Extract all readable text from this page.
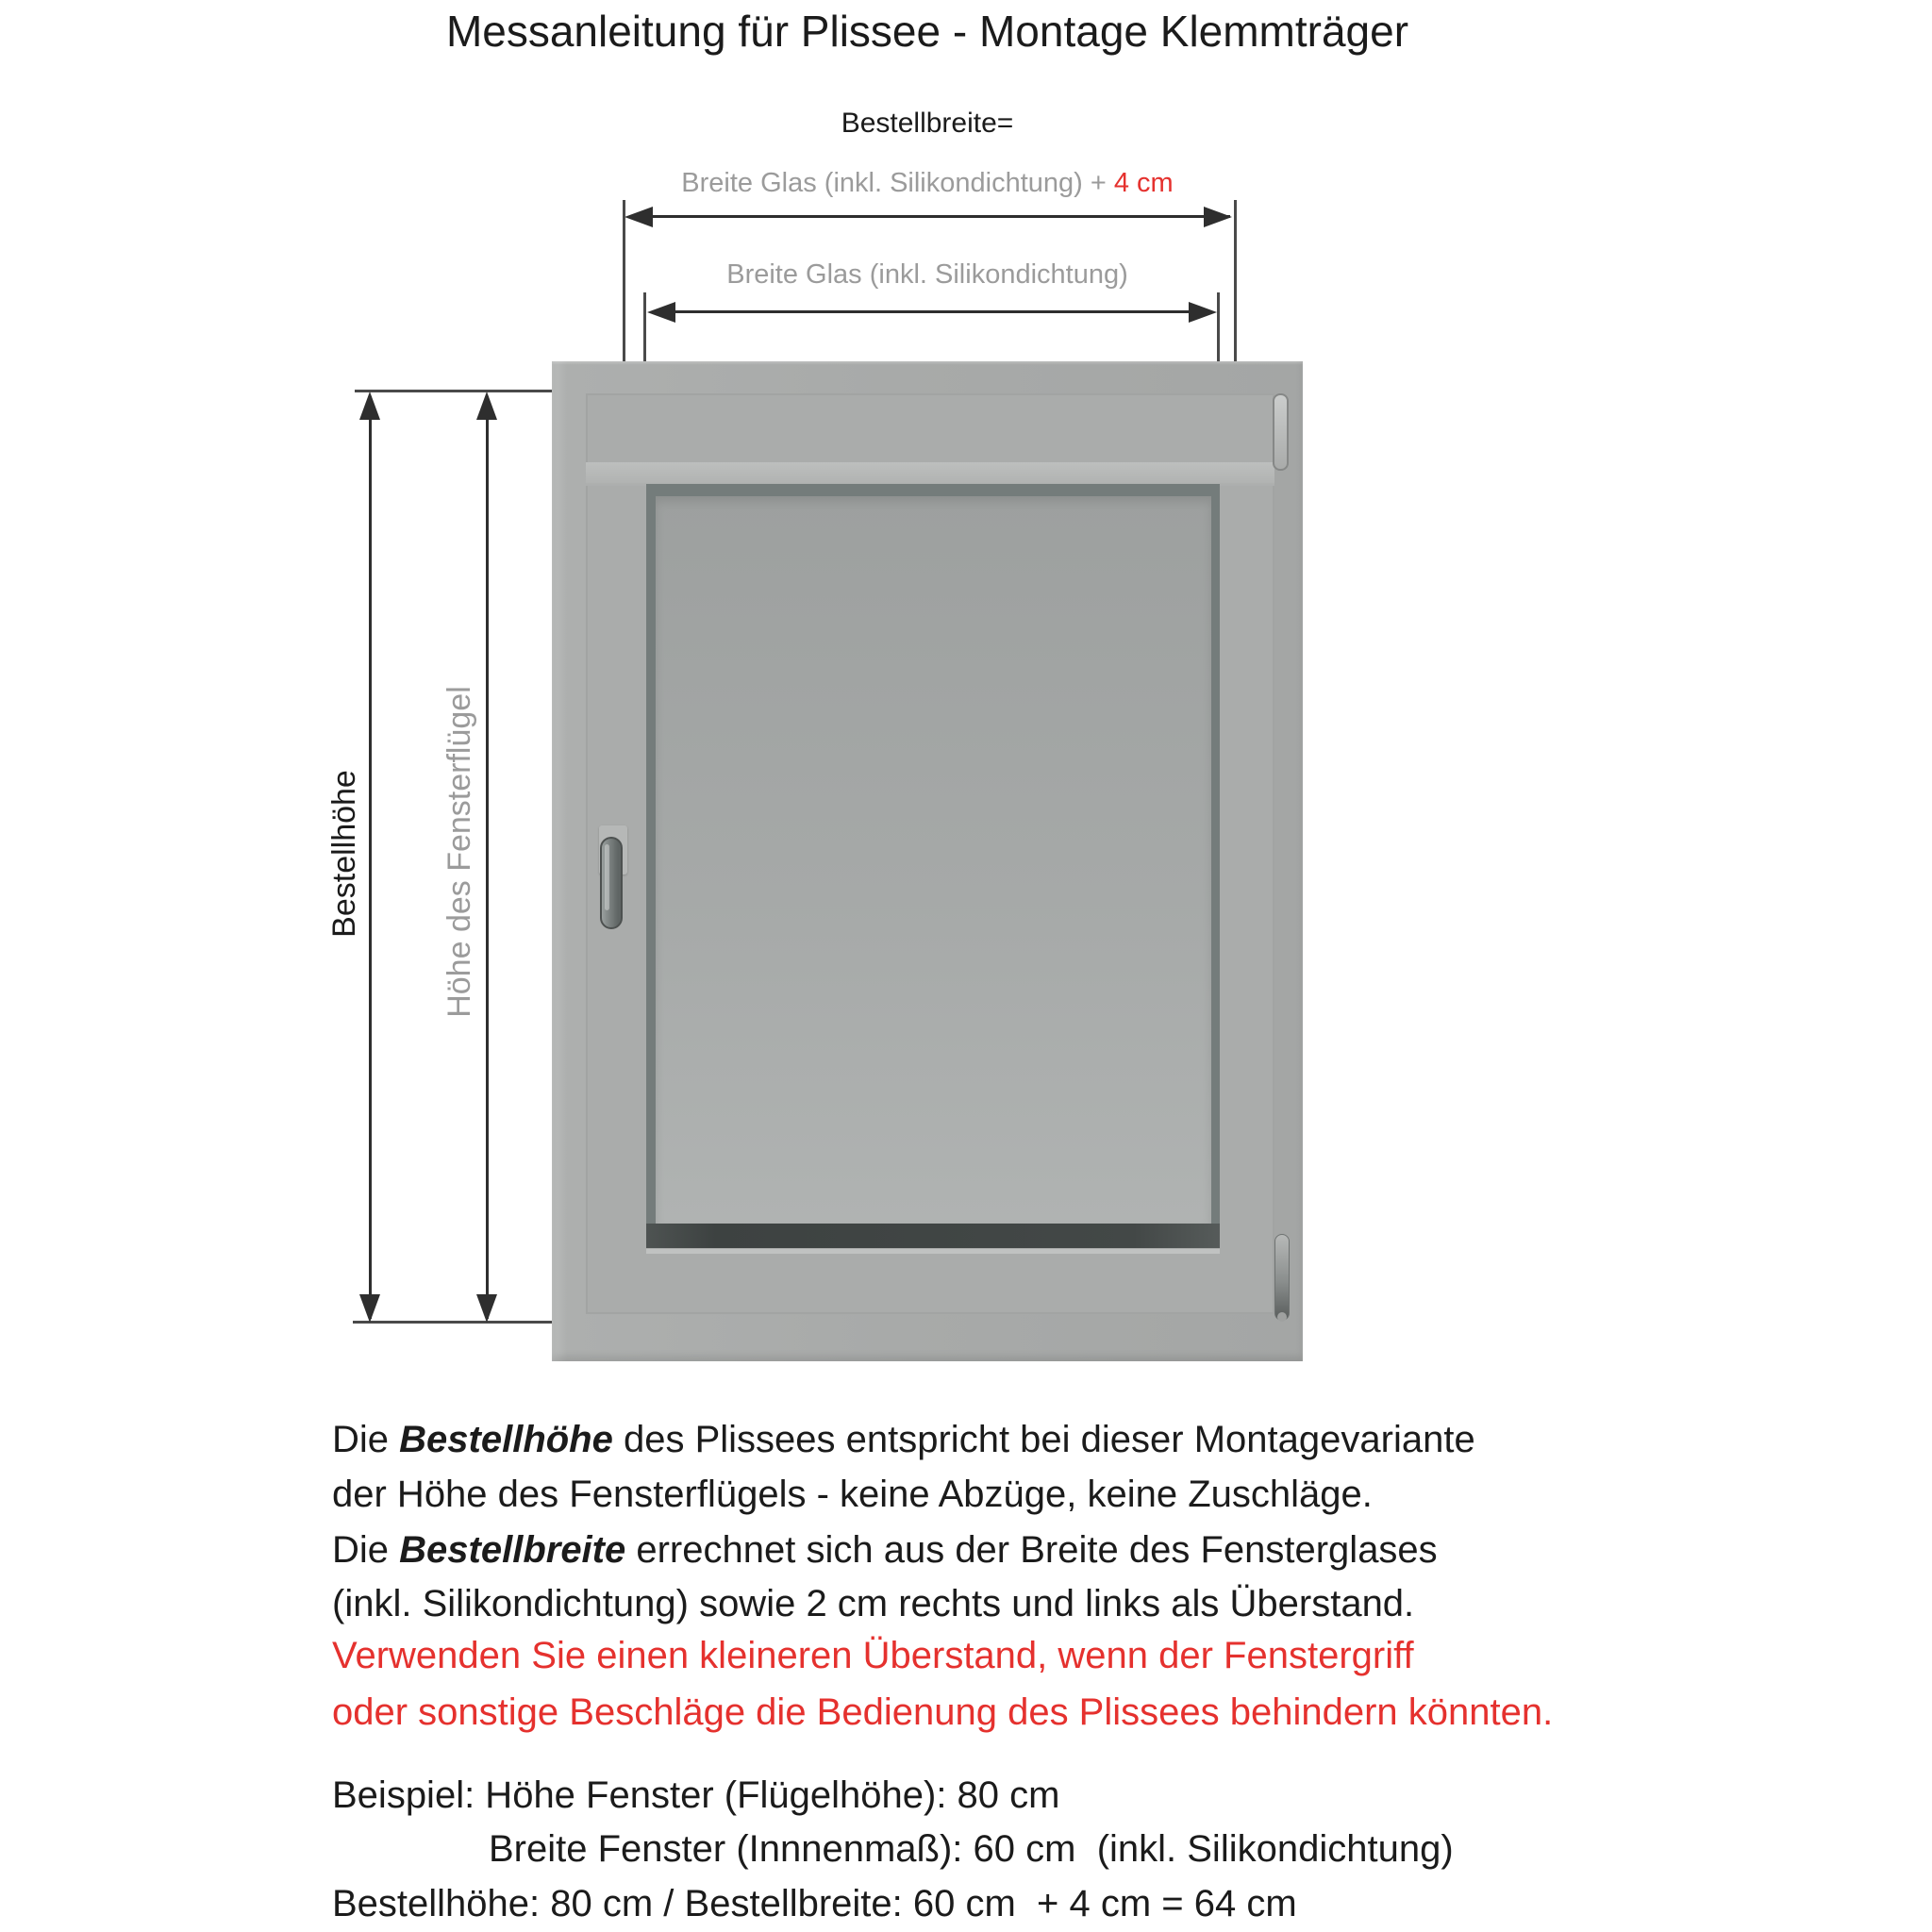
Messanleitung für Plissee - Montage Klemmträger
Bestellbreite=
Breite Glas (inkl. Silikondichtung) + 4 cm
Breite Glas (inkl. Silikondichtung)
Bestellhöhe Höhe des Fensterflügel
Die Bestellhöhe des Plissees entspricht bei dieser Montagevariante
der Höhe des Fensterflügels - keine Abzüge, keine Zuschläge.
Die Bestellbreite errechnet sich aus der Breite des Fensterglases
(inkl. Silikondichtung) sowie 2 cm rechts und links als Überstand.
Verwenden Sie einen kleineren Überstand, wenn der Fenstergriff
oder sonstige Beschläge die Bedienung des Plissees behindern könnten.
Beispiel: Höhe Fenster (Flügelhöhe): 80 cm
Breite Fenster (Innnenmaß): 60 cm  (inkl. Silikondichtung)
Bestellhöhe: 80 cm / Bestellbreite: 60 cm  + 4 cm = 64 cm
